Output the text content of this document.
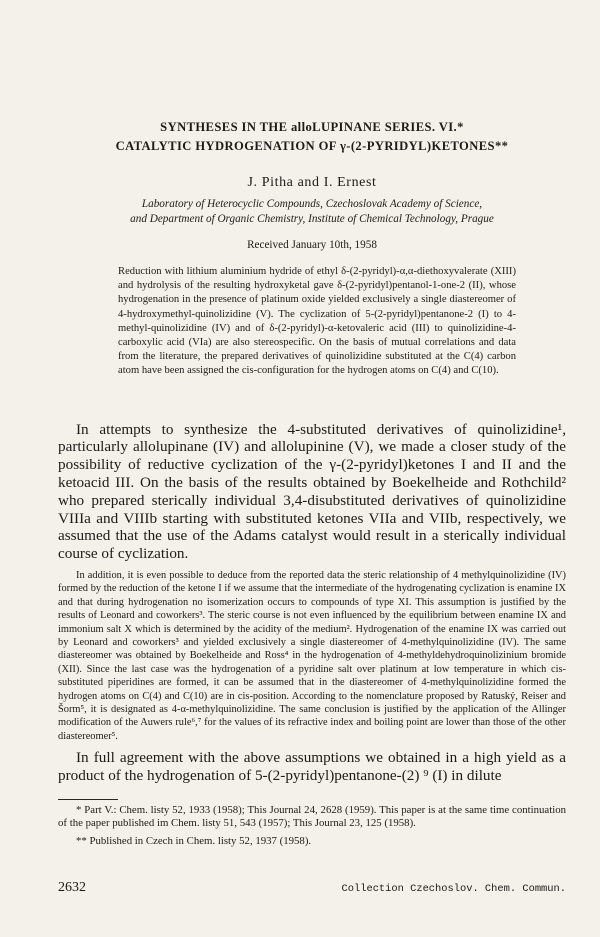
SYNTHESES IN THE alloLUPINANE SERIES. VI.*

CATALYTIC HYDROGENATION OF γ-(2-PYRIDYL)KETONES**

J. Pitha and I. Ernest
Laboratory of Heterocyclic Compounds, Czechoslovak Academy of Science,
and Department of Organic Chemistry, Institute of Chemical Technology, Prague
Received January 10th, 1958

Reduction with lithium aluminium hydride of ethyl δ-(2-pyridyl)-α,α-diethoxyvalerate (XIII) and hydrolysis of the resulting hydroxyketal gave δ-(2-pyridyl)pentanol-1-one-2 (II), whose hydrogenation in the presence of platinum oxide yielded exclusively a single diastereomer of 4-hydroxymethyl-quinolizidine (V). The cyclization of 5-(2-pyridyl)pentanone-2 (I) to 4-methyl-quinolizidine (IV) and of δ-(2-pyridyl)-α-ketovaleric acid (III) to quinolizidine-4-carboxylic acid (VIa) are also stereospecific. On the basis of mutual correlations and data from the literature, the prepared derivatives of quinolizidine substituted at the C(4) carbon atom have been assigned the cis-configuration for the hydrogen atoms on C(4) and C(10).

In attempts to synthesize the 4-substituted derivatives of quinolizidine¹, particularly allolupinane (IV) and allolupinine (V), we made a closer study of the possibility of reductive cyclization of the γ-(2-pyridyl)ketones I and II and the ketoacid III. On the basis of the results obtained by Boekelheide and Rothchild² who prepared sterically individual 3,4-disubstituted derivatives of quinolizidine VIIIa and VIIIb starting with substituted ketones VIIa and VIIb, respectively, we assumed that the use of the Adams catalyst would result in a sterically individual course of cyclization.

In addition, it is even possible to deduce from the reported data the steric relationship of 4 methylquinolizidine (IV) formed by the reduction of the ketone I if we assume that the intermediate of the hydrogenating cyclization is enamine IX and that during hydrogenation no isomerization occurs to compounds of type XI. This assumption is justified by the results of Leonard and coworkers³. The steric course is not even influenced by the equilibrium between enamine IX and immonium salt X which is determined by the acidity of the medium². Hydrogenation of the enamine IX was carried out by Leonard and coworkers³ and yielded exclusively a single diastereomer of 4-methylquinolizidine (IV). The same diastereomer was obtained by Boekelheide and Ross⁴ in the hydrogenation of 4-methyldehydroquinolizinium bromide (XII). Since the last case was the hydrogenation of a pyridine salt over platinum at low temperature in which cis-substituted piperidines are formed, it can be assumed that in the diastereomer of 4-methylquinolizidine formed the hydrogen atoms on C(4) and C(10) are in cis-position. According to the nomenclature proposed by Ratuský, Reiser and Šorm⁵, it is designated as 4-α-methylquinolizidine. The same conclusion is justified by the application of the Allinger modification of the Auwers rule⁶,⁷ for the values of its refractive index and boiling point are lower than those of the other diastereomer⁵.

In full agreement with the above assumptions we obtained in a high yield as a product of the hydrogenation of 5-(2-pyridyl)pentanone-(2) ⁹ (I) in dilute

* Part V.: Chem. listy 52, 1933 (1958); This Journal 24, 2628 (1959). This paper is at the same time continuation of the paper published im Chem. listy 51, 543 (1957); This Journal 23, 125 (1958).

** Published in Czech in Chem. listy 52, 1937 (1958).

2632	Collection Czechoslov. Chem. Commun.
